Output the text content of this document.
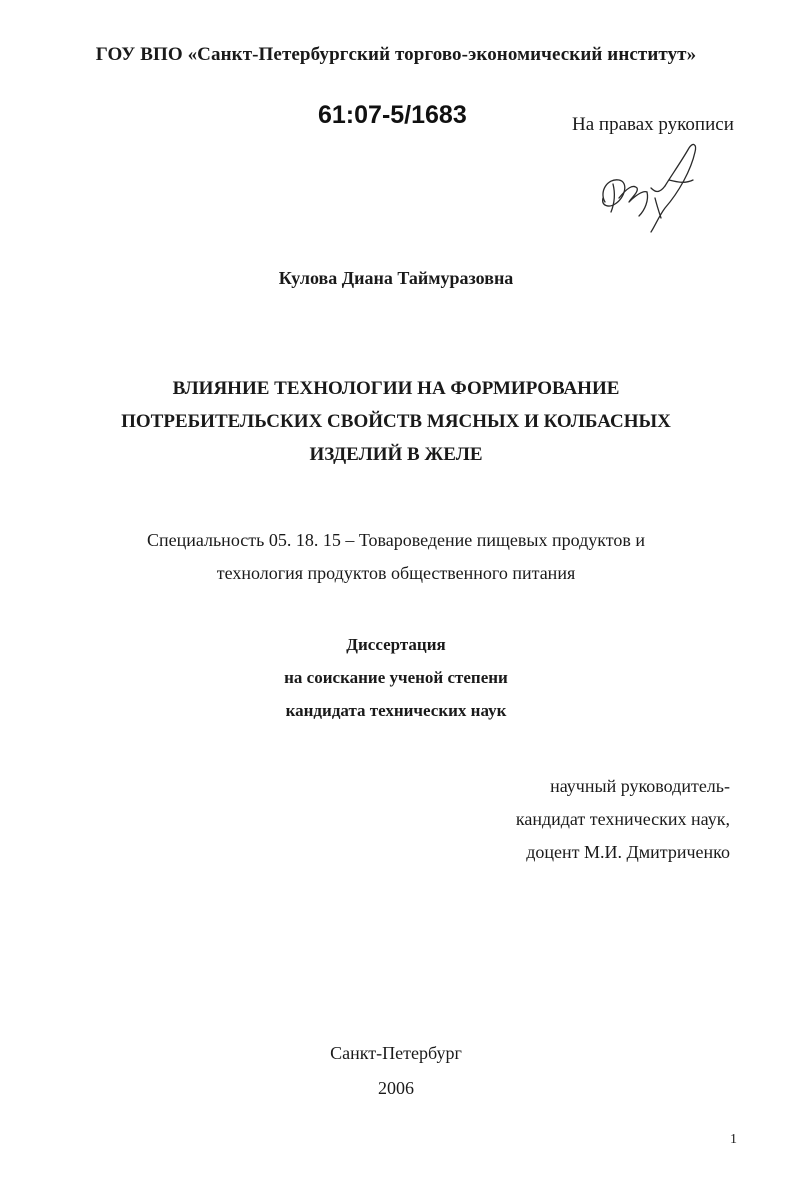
ГОУ ВПО «Санкт-Петербургский торгово-экономический институт»
61:07-5/1683	На правах рукописи
Кулова Диана Таймуразовна
ВЛИЯНИЕ ТЕХНОЛОГИИ НА ФОРМИРОВАНИЕ
ПОТРЕБИТЕЛЬСКИХ СВОЙСТВ МЯСНЫХ И КОЛБАСНЫХ
ИЗДЕЛИЙ В ЖЕЛЕ
Специальность 05. 18. 15 – Товароведение пищевых продуктов и
технология продуктов общественного питания
Диссертация
на соискание ученой степени
кандидата технических наук
научный руководитель-
кандидат технических наук,
доцент М.И. Дмитриченко
Санкт-Петербург
2006
1
